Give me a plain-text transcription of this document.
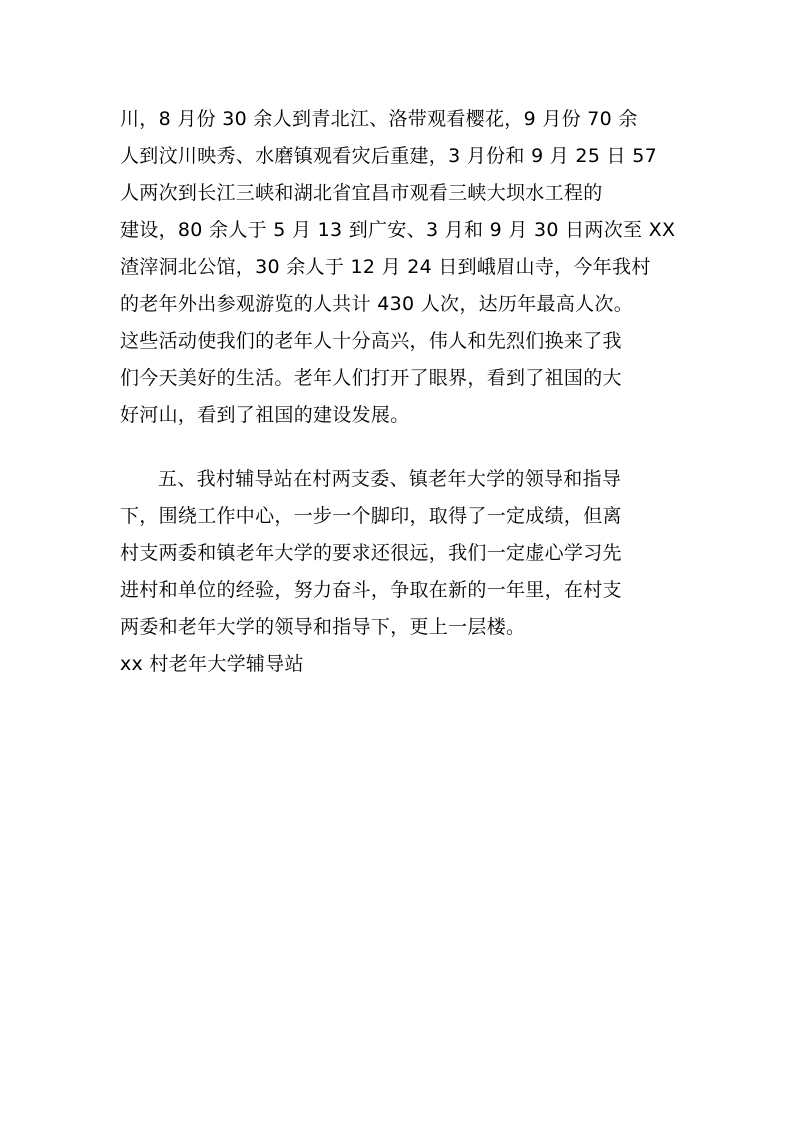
川，8 月份 30 余人到青北江、洛带观看樱花，9 月份 70 余
人到汶川映秀、水磨镇观看灾后重建，3 月份和 9 月 25 日 57
人两次到长江三峡和湖北省宜昌市观看三峡大坝水工程的
建设，80 余人于 5 月 13 到广安、3 月和 9 月 30 日两次至 XX
渣滓洞北公馆，30 余人于 12 月 24 日到峨眉山寺，今年我村
的老年外出参观游览的人共计 430 人次，达历年最高人次。
这些活动使我们的老年人十分高兴，伟人和先烈们换来了我
们今天美好的生活。老年人们打开了眼界，看到了祖国的大
好河山，看到了祖国的建设发展。
五、我村辅导站在村两支委、镇老年大学的领导和指导
下，围绕工作中心，一步一个脚印，取得了一定成绩，但离
村支两委和镇老年大学的要求还很远，我们一定虚心学习先
进村和单位的经验，努力奋斗，争取在新的一年里，在村支
两委和老年大学的领导和指导下，更上一层楼。
xx 村老年大学辅导站
